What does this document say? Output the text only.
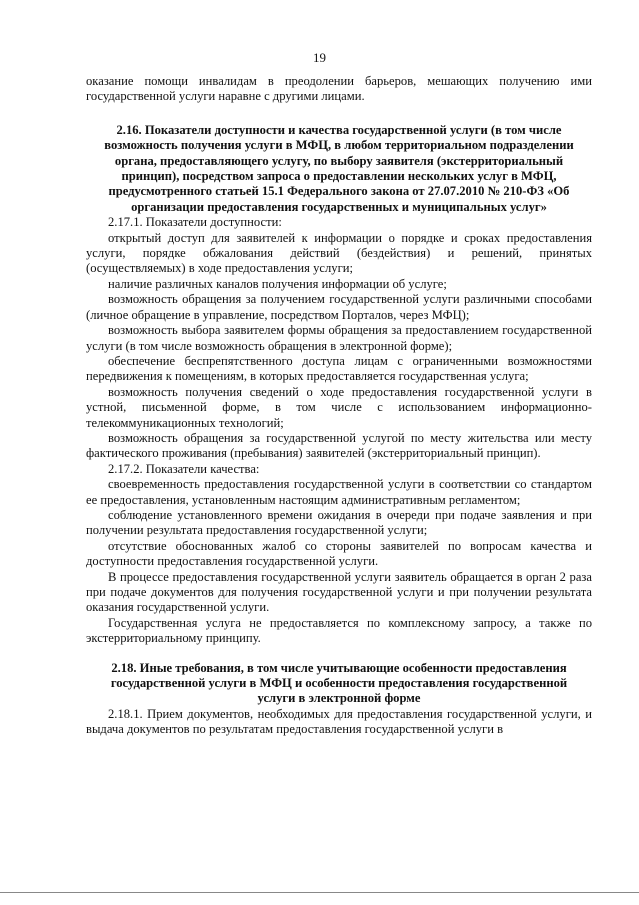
19

оказание помощи инвалидам в преодолении барьеров, мешающих получению ими государственной услуги наравне с другими лицами.

2.16. Показатели доступности и качества государственной услуги (в том числе возможность получения услуги в МФЦ, в любом территориальном подразделении органа, предоставляющего услугу, по выбору заявителя (экстерриториальный принцип), посредством запроса о предоставлении нескольких услуг в МФЦ, предусмотренного статьей 15.1 Федерального закона от 27.07.2010 № 210-ФЗ «Об организации предоставления государственных и муниципальных услуг»

2.17.1. Показатели доступности:

открытый доступ для заявителей к информации о порядке и сроках предоставления услуги, порядке обжалования действий (бездействия) и решений, принятых (осуществляемых) в ходе предоставления услуги;

наличие различных каналов получения информации об услуге;

возможность обращения за получением государственной услуги различными способами (личное обращение в управление, посредством Порталов, через МФЦ);

возможность выбора заявителем формы обращения за предоставлением государственной услуги (в том числе возможность обращения в электронной форме);

обеспечение беспрепятственного доступа лицам с ограниченными возможностями передвижения к помещениям, в которых предоставляется государственная услуга;

возможность получения сведений о ходе предоставления государственной услуги в устной, письменной форме, в том числе с использованием информационно-телекоммуникационных технологий;

возможность обращения за государственной услугой по месту жительства или месту фактического проживания (пребывания) заявителей (экстерриториальный принцип).

2.17.2. Показатели качества:

своевременность предоставления государственной услуги в соответствии со стандартом ее предоставления, установленным настоящим административным регламентом;

соблюдение установленного времени ожидания в очереди при подаче заявления и при получении результата предоставления государственной услуги;

отсутствие обоснованных жалоб со стороны заявителей по вопросам качества и доступности предоставления государственной услуги.

В процессе предоставления государственной услуги заявитель обращается в орган 2 раза при подаче документов для получения государственной услуги и при получении результата оказания государственной услуги.

Государственная услуга не предоставляется по комплексному запросу, а также по экстерриториальному принципу.

2.18. Иные требования, в том числе учитывающие особенности предоставления государственной услуги в МФЦ и особенности предоставления государственной услуги в электронной форме

2.18.1. Прием документов, необходимых для предоставления государственной услуги, и выдача документов по результатам предоставления государственной услуги в
